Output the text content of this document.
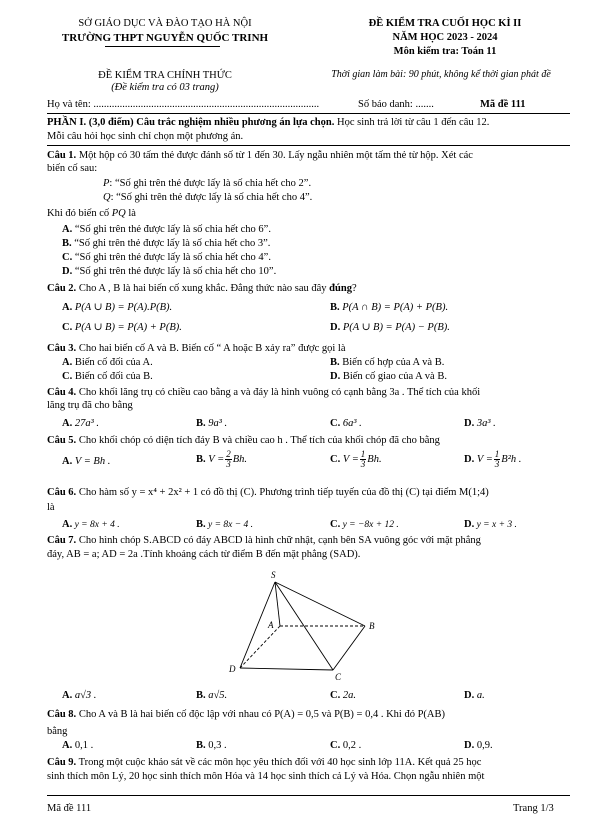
SỞ GIÁO DỤC VÀ ĐÀO TẠO HÀ NỘI
TRƯỜNG THPT NGUYỄN QUỐC TRINH
ĐỀ KIỂM TRA CHÍNH THỨC
(Đề kiểm tra có 03 trang)
ĐỀ KIỂM TRA CUỐI HỌC KÌ II
NĂM HỌC 2023 - 2024
Môn kiểm tra: Toán 11
Thời gian làm bài: 90 phút, không kể thời gian phát đề
Họ và tên: ......................................................................................	Số báo danh: .......	Mã đề 111
PHẦN I. (3,0 điểm) Câu trắc nghiệm nhiều phương án lựa chọn. Học sinh trả lời từ câu 1 đến câu 12.
Mỗi câu hỏi học sinh chỉ chọn một phương án.
Câu 1. Một hộp có 30 tấm thẻ được đánh số từ 1 đến 30. Lấy ngẫu nhiên một tấm thẻ từ hộp. Xét các
biến cố sau:
P: “Số ghi trên thẻ được lấy là số chia hết cho 2”.
Q: “Số ghi trên thẻ được lấy là số chia hết cho 4”.
Khi đó biến cố PQ là
A. “Số ghi trên thẻ được lấy là số chia hết cho 6”.
B. “Số ghi trên thẻ được lấy là số chia hết cho 3”.
C. “Số ghi trên thẻ được lấy là số chia hết cho 4”.
D. “Số ghi trên thẻ được lấy là số chia hết cho 10”.
Câu 2. Cho A , B là hai biến cố xung khắc. Đẳng thức nào sau đây đúng?
A. P(A ∪ B) = P(A).P(B).	B. P(A ∩ B) = P(A) + P(B).
C. P(A ∪ B) = P(A) + P(B).	D. P(A ∪ B) = P(A) − P(B).
Câu 3. Cho hai biến cố A và B. Biến cố “ A hoặc B xảy ra” được gọi là
A. Biến cố đối của A.	B. Biến cố hợp của A và B.
C. Biến cố đối của B.	D. Biến cố giao của A và B.
Câu 4. Cho khối lăng trụ có chiều cao bằng a và đáy là hình vuông có cạnh bằng 3a . Thể tích của khối
lăng trụ đã cho bằng
A. 27a³ .	B. 9a³ .	C. 6a³ .	D. 3a³ .
Câu 5. Cho khối chóp có diện tích đáy B và chiều cao h . Thể tích của khối chóp đã cho bằng
A. V = Bh .	B. $V = \frac{2}{3} Bh$.	C. $V = \frac{1}{3} Bh$.	D. $V = \frac{1}{3} B^2h$ .
Câu 6. Cho hàm số y = x⁴ + 2x² + 1 có đồ thị (C). Phương trình tiếp tuyến của đồ thị (C) tại điểm M(1;4)
là
A. y = 8x + 4 .	B. y = 8x − 4 .	C. y = −8x + 12 .	D. y = x + 3 .
Câu 7. Cho hình chóp S.ABCD có đáy ABCD là hình chữ nhật, cạnh bên SA vuông góc với mặt phẳng
đáy, AB = a; AD = 2a .Tính khoảng cách từ điểm B đến mặt phẳng (SAD).
S
A	B
C
D
A. a√3 .	B. a√5.	C. 2a.	D. a.
Câu 8. Cho A và B là hai biến cố độc lập với nhau có P(A) = 0,5 và P(B) = 0,4 . Khi đó P(AB)
bằng
A. 0,1 .	B. 0,3 .	C. 0,2 .	D. 0,9.
Câu 9. Trong một cuộc khảo sát về các môn học yêu thích đối với 40 học sinh lớp 11A. Kết quả 25 học
sinh thích môn Lý, 20 học sinh thích môn Hóa và 14 học sinh thích cả Lý và Hóa. Chọn ngẫu nhiên một
Mã đề 111	Trang 1/3
